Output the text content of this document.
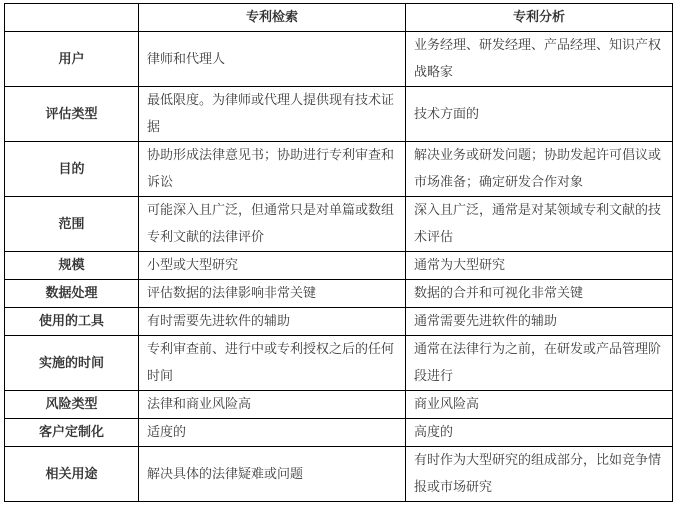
	专利检索	专利分析
用户	律师和代理人	业务经理、研发经理、产品经理、知识产权战略家
评估类型	最低限度。为律师或代理人提供现有技术证据	技术方面的
目的	协助形成法律意见书；协助进行专利审查和诉讼	解决业务或研发问题；协助发起许可倡议或市场准备；确定研发合作对象
范围	可能深入且广泛，但通常只是对单篇或数组专利文献的法律评价	深入且广泛，通常是对某领域专利文献的技术评估
规模	小型或大型研究	通常为大型研究
数据处理	评估数据的法律影响非常关键	数据的合并和可视化非常关键
使用的工具	有时需要先进软件的辅助	通常需要先进软件的辅助
实施的时间	专利审查前、进行中或专利授权之后的任何时间	通常在法律行为之前，在研发或产品管理阶段进行
风险类型	法律和商业风险高	商业风险高
客户定制化	适度的	高度的
相关用途	解决具体的法律疑难或问题	有时作为大型研究的组成部分，比如竞争情报或市场研究
